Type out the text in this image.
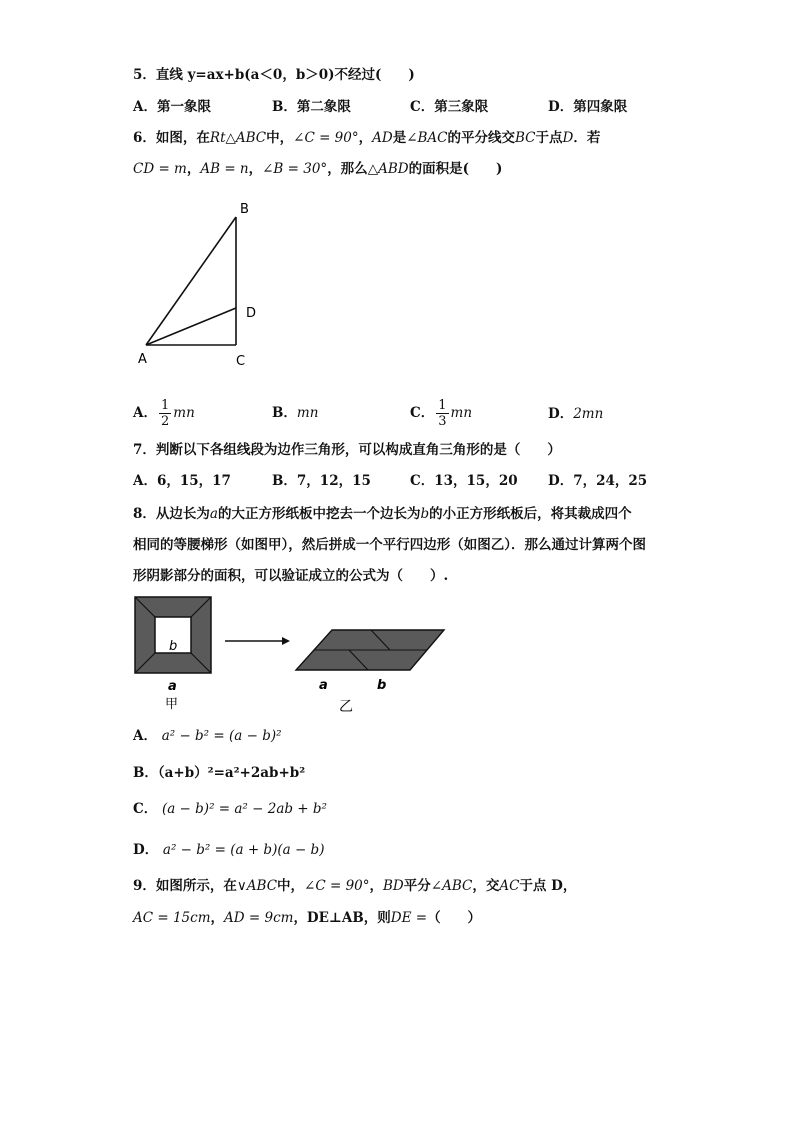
5．直线 y=ax+b(a＜0，b＞0)不经过(　　)
A．第一象限	B．第二象限	C．第三象限	D．第四象限
6．如图，在Rt△ABC中，∠C = 90°，AD是∠BAC的平分线交BC于点D．若
CD = m，AB = n，∠B = 30°，那么△ABD的面积是(　　)
B
D
A	C
A． $\frac{1}{2}$ mn	B．mn	C． $\frac{1}{3}$ mn	D．2mn
7．判断以下各组线段为边作三角形，可以构成直角三角形的是（　　）
A．6，15，17	B．7，12，15	C．13，15，20 D．7，24，25
8．从边长为a的大正方形纸板中挖去一个边长为b的小正方形纸板后，将其裁成四个
相同的等腰梯形（如图甲），然后拼成一个平行四边形（如图乙）．那么通过计算两个图
形阴影部分的面积，可以验证成立的公式为（　　）.
b
a
甲
a	b
乙
A． a² − b² = (a − b)²
B．（a+b）²=a²+2ab+b²
C． (a − b)² = a² − 2ab + b²
D． a² − b² = (a + b)(a − b)
9．如图所示，在∨ABC中，∠C = 90°，BD平分∠ABC，交AC于点 D，
AC = 15cm，AD = 9cm，DE⊥AB，则DE =（　　）
